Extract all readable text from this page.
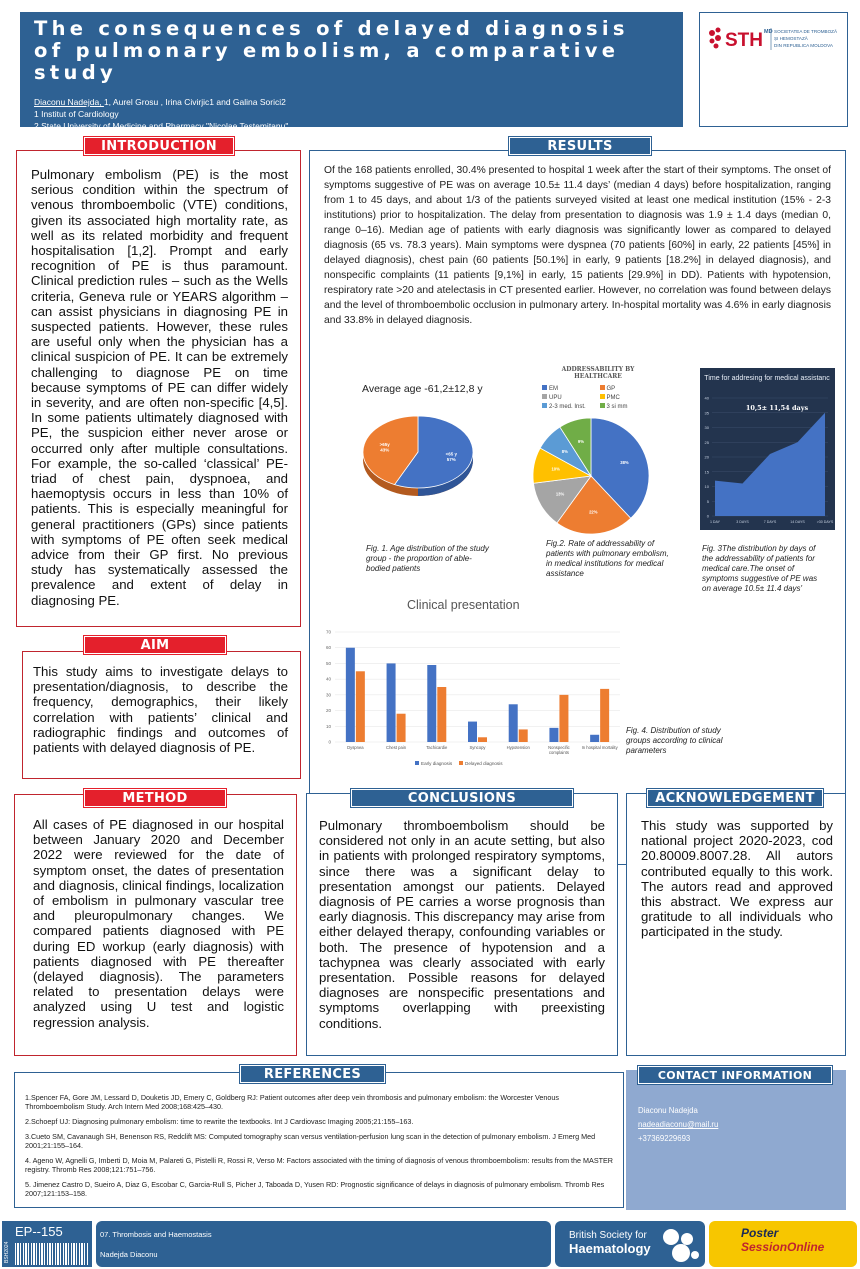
The consequences of delayed diagnosis of pulmonary embolism, a comparative study
Diaconu Nadejda, 1, Aurel Grosu , Irina Civirjic1 and Galina Sorici2
1 Institut of Cardiology
2 State University of Medicine and Pharmacy "Nicolae Testemitanu"
STH MD SOCIETATEA DE TROMBOZĂ
ȘI HEMOSTAZĂ
DIN REPUBLICA MOLDOVA
Pulmonary embolism (PE) is the most serious condition within the spectrum of venous thromboembolic (VTE) conditions, given its associated high mortality rate, as well as its related morbidity and frequent hospitalisation [1,2]. Prompt and early recognition of PE is thus paramount. Clinical prediction rules – such as the Wells criteria, Geneva rule or YEARS algorithm – can assist physicians in diagnosing PE in suspected patients. However, these rules are useful only when the physician has a clinical suspicion of PE. It can be extremely challenging to diagnose PE on time because symptoms of PE can differ widely in severity, and are often non-specific [4,5]. In some patients ultimately diagnosed with PE, the suspicion either never arose or occurred only after multiple consultations. For example, the so-called ‘classical’ PE-triad of chest pain, dyspnoea, and haemoptysis occurs in less than 10% of patients. This is especially meaningful for general practitioners (GPs) since patients with symptoms of PE often seek medical advice from their GP first. No previous study has systematically assessed the prevalence and extent of delay in diagnosing PE.
INTRODUCTION
This study aims to investigate delays to presentation/diagnosis, to describe the frequency, demographics, their likely correlation with patients’ clinical and radiographic findings and outcomes of patients with delayed diagnosis of PE.
AIM
All cases of PE diagnosed in our hospital between January 2020 and December 2022 were reviewed for the date of symptom onset, the dates of presentation and diagnosis, clinical findings, localization of embolism in pulmonary vascular tree and pleuropulmonary changes. We compared patients diagnosed with PE during ED workup (early diagnosis) with patients diagnosed with PE thereafter (delayed diagnosis). The parameters related to presentation delays were analyzed using U test and logistic regression analysis.
METHOD
Of the 168 patients enrolled, 30.4% presented to hospital 1 week after the start of their symptoms. The onset of symptoms suggestive of PE was on average 10.5± 11.4 days’ (median 4 days) before hospitalization, ranging from 1 to 45 days, and about 1/3 of the patients surveyed visited at least one medical institution (15% - 2-3 institutions) prior to hospitalization. The delay from presentation to diagnosis was 1.9 ± 1.4 days (median 0, range 0–16). Median age of patients with early diagnosis was significantly lower as compared to delayed diagnosis (65 vs. 78.3 years). Main symptoms were dyspnea (70 patients [60%] in early, 22 patients [45%] in delayed diagnosis), chest pain (60 patients [50.1%] in early, 9 patients [18.2%] in delayed diagnosis), and nonspecific complaints (11 patients [9,1%] in early, 15 patients [29.9%] in DD). Patients with hypotension, respiratory rate >20 and atelectasis in CT presented earlier. However, no correlation was found between delays and the level of thromboembolic occlusion in pulmonary artery. In-hospital mortality was 4.6% in early diagnosis and 33.8% in delayed diagnosis.
RESULTS
Average age -61,2±12,8 y
<65 y
57%
>65y
43%
Fig. 1. Age distribution of the study group - the proportion of able-bodied patients
ADDRESSABILITY BY HEALTHCARE
EM	GP
UPU	PMC
2-3 med. Inst.	3 si mm
38%
22%
13%
10%
8%
9%
Fig.2. Rate of addressability of patients with pulmonary embolism, in medical institutions for medical assistance
Time for addresing for medical assistanc
10,5± 11,54 days
0
5
10
15
20
25
30
35
40
1 DAY	3 DAYS	7 DAYS	14 DAYS	>30 DAYS
Fig. 3The distribution by days of the addressability of patients for medical care.The onset of symptoms suggestive of PE was on average 10.5± 11.4 days'
Clinical presentation
0
10
20
30
40
50
60
70
Dyspnea	Chest pain	Tachicardie	Syncopy	Hypotension	Nonspecific
complaints
In hospital mortality
Early diagnosis	Delayed diagnosis
Fig. 4. Distribution of study groups according to clinical parameters
Pulmonary thromboembolism should be considered not only in an acute setting, but also in patients with prolonged respiratory symptoms, since there was a significant delay to presentation amongst our patients. Delayed diagnosis of PE carries a worse prognosis than early diagnosis. This discrepancy may arise from either delayed therapy, confounding variables or both. The presence of hypotension and a tachypnea was clearly associated with early presentation. Possible reasons for delayed diagnoses are nonspecific presentations and symptoms overlapping with preexisting conditions.
CONCLUSIONS
This study was supported by national project 2020-2023, cod 20.80009.8007.28. All autors contributed equally to this work. The autors read and approved this abstract. We express aur gratitude to all individuals who participated in the study.
ACKNOWLEDGEMENT
1.Spencer FA, Gore JM, Lessard D, Douketis JD, Emery C, Goldberg RJ: Patient outcomes after deep vein thrombosis and pulmonary embolism: the Worcester Venous Thromboembolism Study. Arch Intern Med 2008;168:425–430.
2.Schoepf UJ: Diagnosing pulmonary embolism: time to rewrite the textbooks. Int J Cardiovasc Imaging 2005;21:155–163.
3.Cueto SM, Cavanaugh SH, Benenson RS, Redclift MS: Computed tomography scan versus ventilation-perfusion lung scan in the detection of pulmonary embolism. J Emerg Med 2001;21:155–164.
4. Ageno W, Agnelli G, Imberti D, Moia M, Palareti G, Pistelli R, Rossi R, Verso M: Factors associated with the timing of diagnosis of venous thromboembolism: results from the MASTER registry. Thromb Res 2008;121:751–756.
5. Jimenez Castro D, Sueiro A, Diaz G, Escobar C, Garcia-Rull S, Picher J, Taboada D, Yusen RD: Prognostic significance of delays in diagnosis of pulmonary embolism. Thromb Res 2007;121:153–158.
REFERENCES	CONTACT INFORMATION
Diaconu Nadejda
nadeadiaconu@mail.ru
+37369229693
BSH2024
EP--155	07. Thrombosis and Haemostasis
Nadejda Diaconu
British Society for
Haematology
Poster
SessionOnline
